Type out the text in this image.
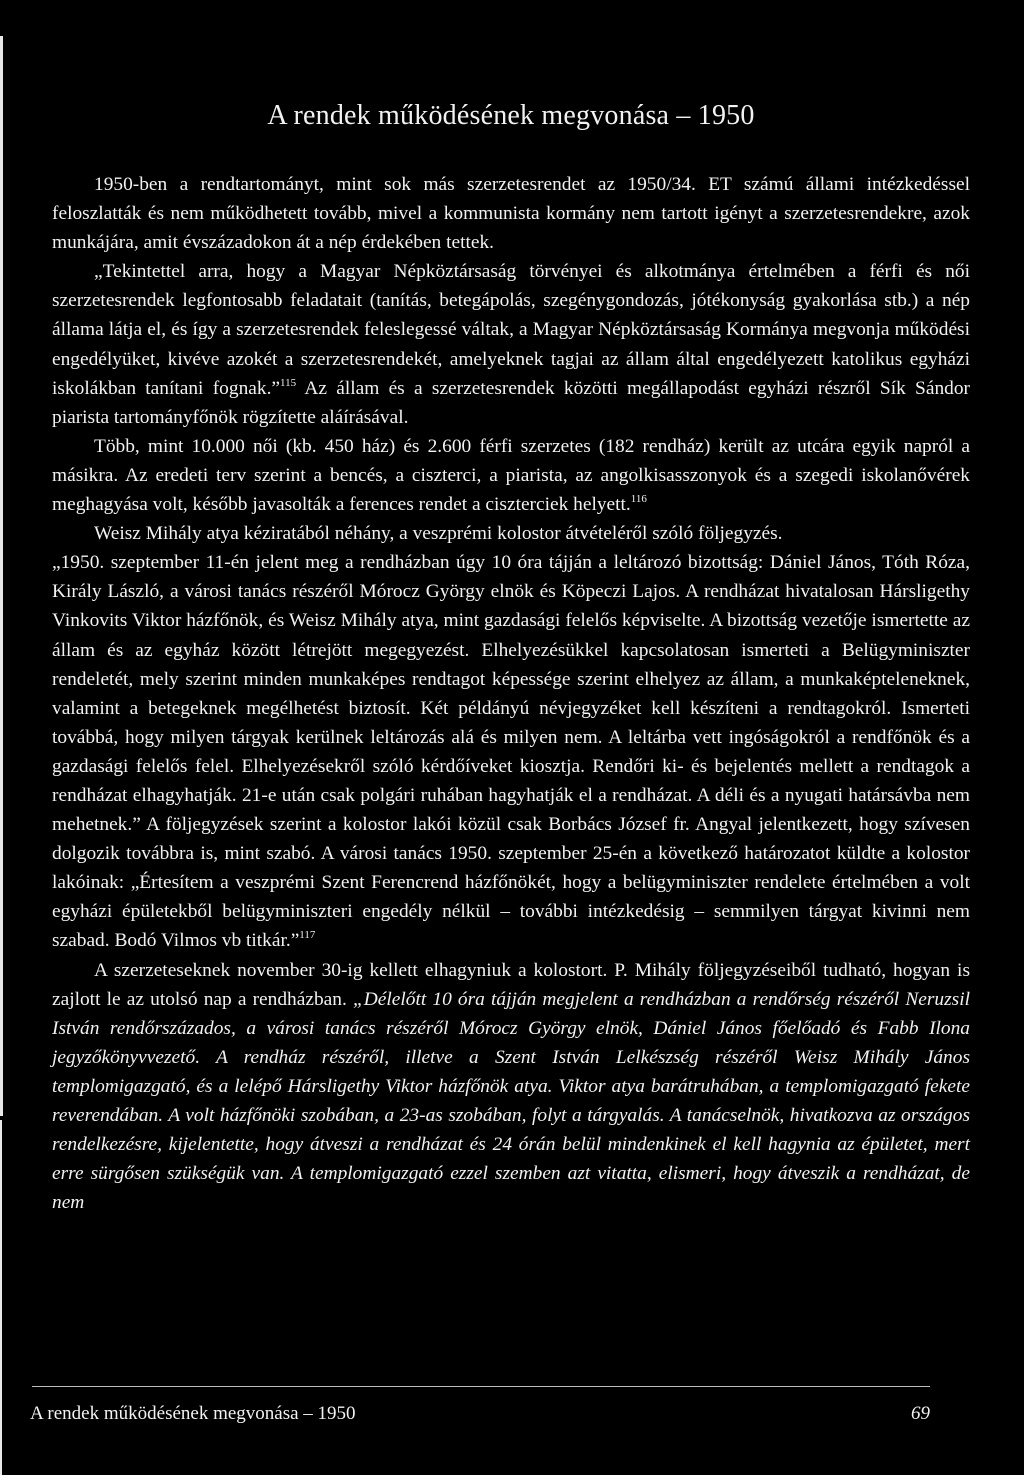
A rendek működésének megvonása – 1950

1950-ben a rendtartományt, mint sok más szerzetesrendet az 1950/34. ET számú állami intézkedéssel feloszlatták és nem működhetett tovább, mivel a kommunista kormány nem tartott igényt a szerzetesrendekre, azok munkájára, amit évszázadokon át a nép érdekében tettek.

„Tekintettel arra, hogy a Magyar Népköztársaság törvényei és alkotmánya értelmében a férfi és női szerzetesrendek legfontosabb feladatait (tanítás, betegápolás, szegénygondozás, jótékonyság gyakorlása stb.) a nép állama látja el, és így a szerzetesrendek feleslegessé váltak, a Magyar Népköztársaság Kormánya megvonja működési engedélyüket, kivéve azokét a szerzetesrendekét, amelyeknek tagjai az állam által engedélyezett katolikus egyházi iskolákban tanítani fognak.”$^{115}$ Az állam és a szerzetesrendek közötti megállapodást egyházi részről Sík Sándor piarista tartományfőnök rögzítette aláírásával.

Több, mint 10.000 női (kb. 450 ház) és 2.600 férfi szerzetes (182 rendház) került az utcára egyik napról a másikra. Az eredeti terv szerint a bencés, a ciszterci, a piarista, az angolkisasszonyok és a szegedi iskolanővérek meghagyása volt, később javasolták a ferences rendet a ciszterciek helyett.$^{116}$

Weisz Mihály atya kéziratából néhány, a veszprémi kolostor átvételéről szóló följegyzés.

„1950. szeptember 11-én jelent meg a rendházban úgy 10 óra tájján a leltározó bizottság: Dániel János, Tóth Róza, Király László, a városi tanács részéről Mórocz György elnök és Köpeczi Lajos. A rendházat hivatalosan Hársligethy Vinkovits Viktor házfőnök, és Weisz Mihály atya, mint gazdasági felelős képviselte. A bizottság vezetője ismertette az állam és az egyház között létrejött megegyezést. Elhelyezésükkel kapcsolatosan ismerteti a Belügyminiszter rendeletét, mely szerint minden munkaképes rendtagot képessége szerint elhelyez az állam, a munkaképteleneknek, valamint a betegeknek megélhetést biztosít. Két példányú névjegyzéket kell készíteni a rendtagokról. Ismerteti továbbá, hogy milyen tárgyak kerülnek leltározás alá és milyen nem. A leltárba vett ingóságokról a rendfőnök és a gazdasági felelős felel. Elhelyezésekről szóló kérdőíveket kiosztja. Rendőri ki- és bejelentés mellett a rendtagok a rendházat elhagyhatják. 21-e után csak polgári ruhában hagyhatják el a rendházat. A déli és a nyugati határsávba nem mehetnek.” A följegyzések szerint a kolostor lakói közül csak Borbács József fr. Angyal jelentkezett, hogy szívesen dolgozik továbbra is, mint szabó. A városi tanács 1950. szeptember 25-én a következő határozatot küldte a kolostor lakóinak: „Értesítem a veszprémi Szent Ferencrend házfőnökét, hogy a belügyminiszter rendelete értelmében a volt egyházi épületekből belügyminiszteri engedély nélkül – további intézkedésig – semmilyen tárgyat kivinni nem szabad. Bodó Vilmos vb titkár.”$^{117}$

A szerzeteseknek november 30-ig kellett elhagyniuk a kolostort. P. Mihály följegyzéseiből tudható, hogyan is zajlott le az utolsó nap a rendházban. „Délelőtt 10 óra tájján megjelent a rendházban a rendőrség részéről Neruzsil István rendőrszázados, a városi tanács részéről Mórocz György elnök, Dániel János főelőadó és Fabb Ilona jegyzőkönyvvezető. A rendház részéről, illetve a Szent István Lelkészség részéről Weisz Mihály János templomigazgató, és a lelépő Hársligethy Viktor házfőnök atya. Viktor atya barátruhában, a templomigazgató fekete reverendában. A volt házfőnöki szobában, a 23-as szobában, folyt a tárgyalás. A tanácselnök, hivatkozva az országos rendelkezésre, kijelentette, hogy átveszi a rendházat és 24 órán belül mindenkinek el kell hagynia az épületet, mert erre sürgősen szükségük van. A templomigazgató ezzel szemben azt vitatta, elismeri, hogy átveszik a rendházat, de nem

A rendek működésének megvonása – 1950	69
